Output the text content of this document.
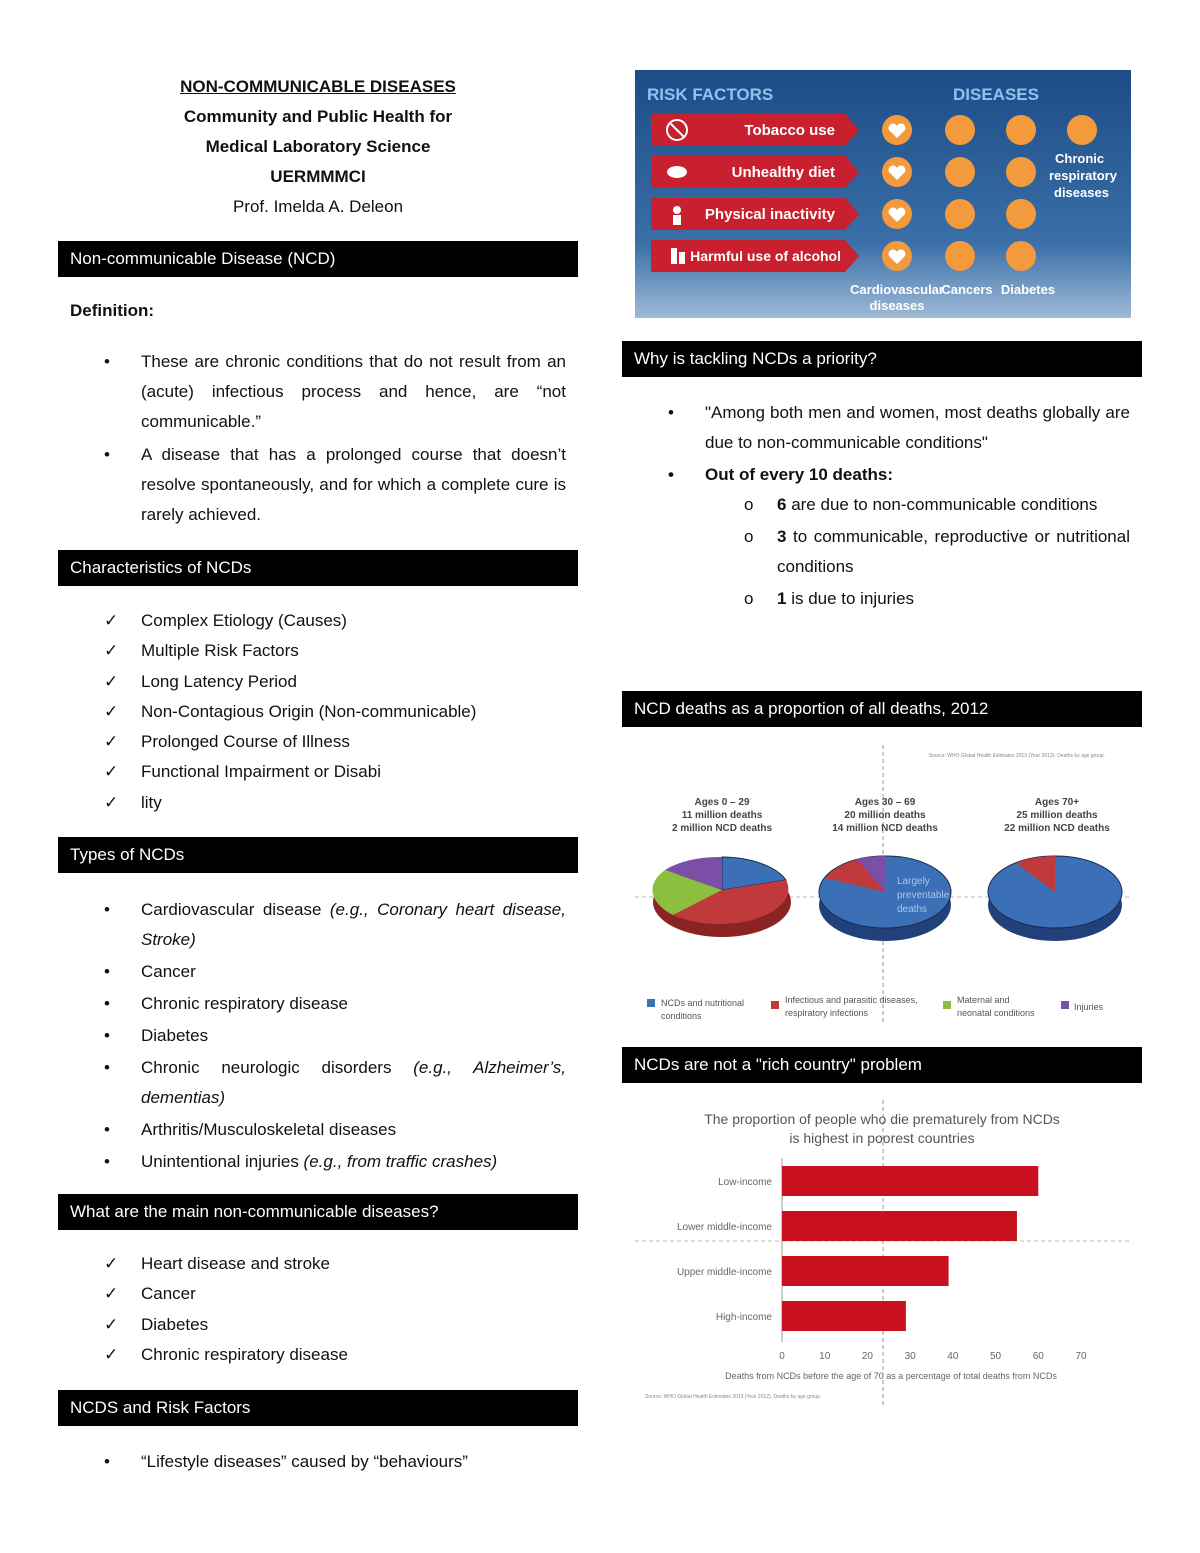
NON-COMMUNICABLE DISEASES
Community and Public Health for
Medical Laboratory Science
UERMMMCI
Prof. Imelda A. Deleon
Non-communicable Disease (NCD)
Definition:
• These are chronic conditions that do not result from an (acute) infectious process and hence, are “not communicable.”
• A disease that has a prolonged course that doesn’t resolve spontaneously, and for which a complete cure is rarely achieved.
Characteristics of NCDs
✓ Complex Etiology (Causes)
✓ Multiple Risk Factors
✓ Long Latency Period
✓ Non-Contagious Origin (Non-communicable)
✓ Prolonged Course of Illness
✓ Functional Impairment or Disabi
✓ lity
Types of NCDs
• Cardiovascular disease (e.g., Coronary heart disease, Stroke)
• Cancer
• Chronic respiratory disease
• Diabetes
• Chronic neurologic disorders (e.g., Alzheimer’s, dementias)
• Arthritis/Musculoskeletal diseases
• Unintentional injuries (e.g., from traffic crashes)
What are the main non-communicable diseases?
✓ Heart disease and stroke
✓ Cancer
✓ Diabetes
✓ Chronic respiratory disease
NCDS and Risk Factors
• “Lifestyle diseases” caused by “behaviours”
RISK FACTORS	DISEASES
Tobacco use
Unhealthy diet
Physical inactivity
Harmful use of alcohol
Chronic
respiratory
diseases
Cardiovascular
diseases
Cancers Diabetes
Why is tackling NCDs a priority?
• "Among both men and women, most deaths globally are due to non-communicable conditions"
• Out of every 10 deaths:
o 6 are due to non-communicable conditions
o 3 to communicable, reproductive or nutritional conditions
o 1 is due to injuries
NCD deaths as a proportion of all deaths, 2012
Source: WHO Global Health Estimates 2013 (Year 2012). Deaths by age group.
Ages 0 – 29
11 million deaths
2 million NCD deaths
Ages 30 – 69
20 million deaths
14 million NCD deaths
Ages 70+
25 million deaths
22 million NCD deaths
Largely
preventable
deaths
NCDs and nutritional
conditions
Infectious and parasitic diseases,
respiratory infections
Maternal and
neonatal conditions
Injuries
NCDs are not a "rich country" problem
The proportion of people who die prematurely from NCDs
is highest in poorest countries
Low-income
Lower middle-income
Upper middle-income
High-income
0	10	20	30	40	50	60	70
Deaths from NCDs before the age of 70 as a percentage of total deaths from NCDs
Source: WHO Global Health Estimates 2013 (Year 2012). Deaths by age group.
